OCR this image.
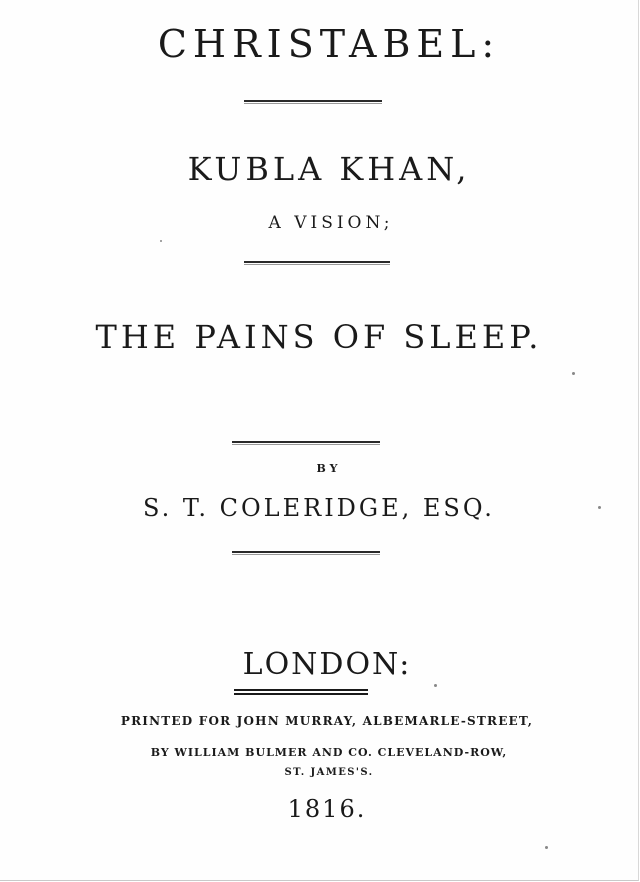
CHRISTABEL:
KUBLA KHAN,
A VISION;
THE PAINS OF SLEEP.
BY
S. T. COLERIDGE, ESQ.
LONDON:
PRINTED FOR JOHN MURRAY, ALBEMARLE-STREET,
BY WILLIAM BULMER AND CO. CLEVELAND-ROW,
ST. JAMES'S.
1816.
